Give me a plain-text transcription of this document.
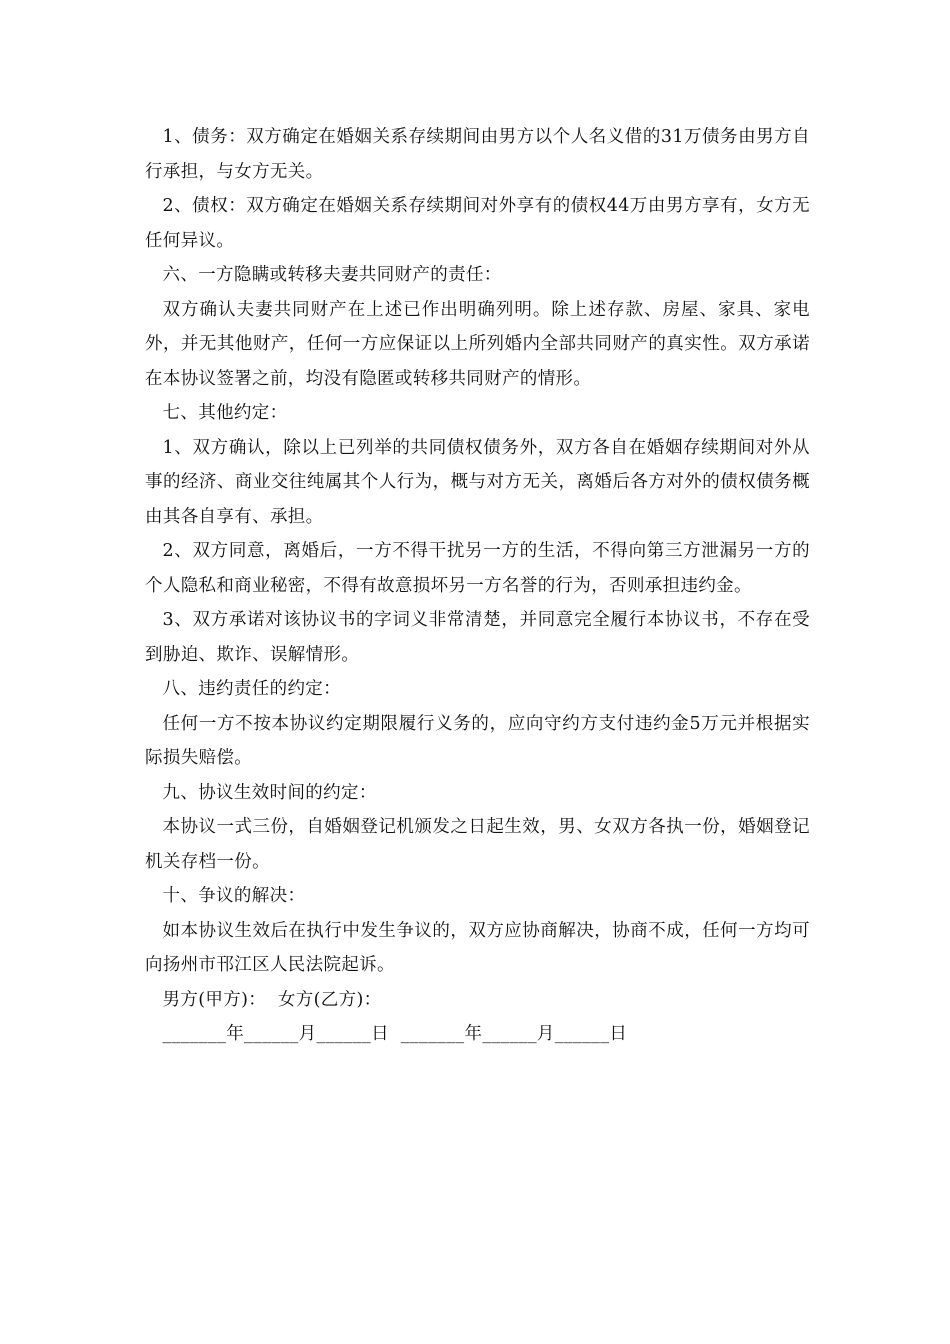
1、债务：双方确定在婚姻关系存续期间由男方以个人名义借的31万债务由男方自行承担，与女方无关。

2、债权：双方确定在婚姻关系存续期间对外享有的债权44万由男方享有，女方无任何异议。

六、一方隐瞒或转移夫妻共同财产的责任：

双方确认夫妻共同财产在上述已作出明确列明。除上述存款、房屋、家具、家电外，并无其他财产，任何一方应保证以上所列婚内全部共同财产的真实性。双方承诺在本协议签署之前，均没有隐匿或转移共同财产的情形。

七、其他约定：

1、双方确认，除以上已列举的共同债权债务外，双方各自在婚姻存续期间对外从事的经济、商业交往纯属其个人行为，概与对方无关，离婚后各方对外的债权债务概由其各自享有、承担。

2、双方同意，离婚后，一方不得干扰另一方的生活，不得向第三方泄漏另一方的个人隐私和商业秘密，不得有故意损坏另一方名誉的行为，否则承担违约金。

3、双方承诺对该协议书的字词义非常清楚，并同意完全履行本协议书，不存在受到胁迫、欺诈、误解情形。

八、违约责任的约定：

任何一方不按本协议约定期限履行义务的，应向守约方支付违约金5万元并根据实际损失赔偿。

九、协议生效时间的约定：

本协议一式三份，自婚姻登记机颁发之日起生效，男、女双方各执一份，婚姻登记机关存档一份。

十、争议的解决：

如本协议生效后在执行中发生争议的，双方应协商解决，协商不成，任何一方均可向扬州市邗江区人民法院起诉。

男方(甲方)：  女方(乙方)：

_______年______月______日  _______年______月______日
